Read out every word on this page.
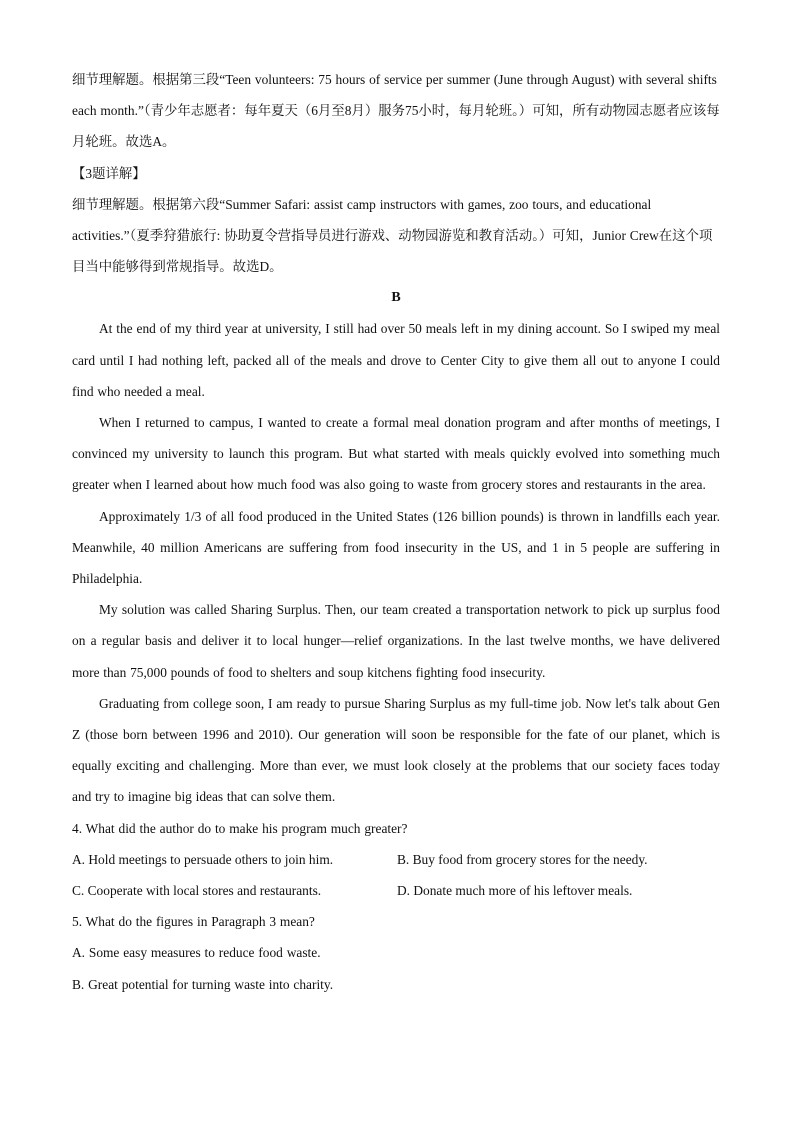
细节理解题。根据第三段“Teen volunteers: 75 hours of service per summer (June through August) with several shifts each month.”（青少年志愿者：每年夏天（6月至8月）服务75小时，每月轮班。）可知，所有动物园志愿者应该每月轮班。故选A。
【3题详解】
细节理解题。根据第六段“Summer Safari: assist camp instructors with games, zoo tours, and educational activities.”（夏季狩猎旅行: 协助夏令营指导员进行游戏、动物园游览和教育活动。）可知，Junior Crew在这个项目当中能够得到常规指导。故选D。
B
At the end of my third year at university, I still had over 50 meals left in my dining account. So I swiped my meal card until I had nothing left, packed all of the meals and drove to Center City to give them all out to anyone I could find who needed a meal.
When I returned to campus, I wanted to create a formal meal donation program and after months of meetings, I convinced my university to launch this program. But what started with meals quickly evolved into something much greater when I learned about how much food was also going to waste from grocery stores and restaurants in the area.
Approximately 1/3 of all food produced in the United States (126 billion pounds) is thrown in landfills each year. Meanwhile, 40 million Americans are suffering from food insecurity in the US, and 1 in 5 people are suffering in Philadelphia.
My solution was called Sharing Surplus. Then, our team created a transportation network to pick up surplus food on a regular basis and deliver it to local hunger—relief organizations. In the last twelve months, we have delivered more than 75,000 pounds of food to shelters and soup kitchens fighting food insecurity.
Graduating from college soon, I am ready to pursue Sharing Surplus as my full-time job. Now let's talk about Gen Z (those born between 1996 and 2010). Our generation will soon be responsible for the fate of our planet, which is equally exciting and challenging. More than ever, we must look closely at the problems that our society faces today and try to imagine big ideas that can solve them.
4. What did the author do to make his program much greater?
A. Hold meetings to persuade others to join him.	B. Buy food from grocery stores for the needy.
C. Cooperate with local stores and restaurants.	D. Donate much more of his leftover meals.
5. What do the figures in Paragraph 3 mean?
A. Some easy measures to reduce food waste.
B. Great potential for turning waste into charity.
